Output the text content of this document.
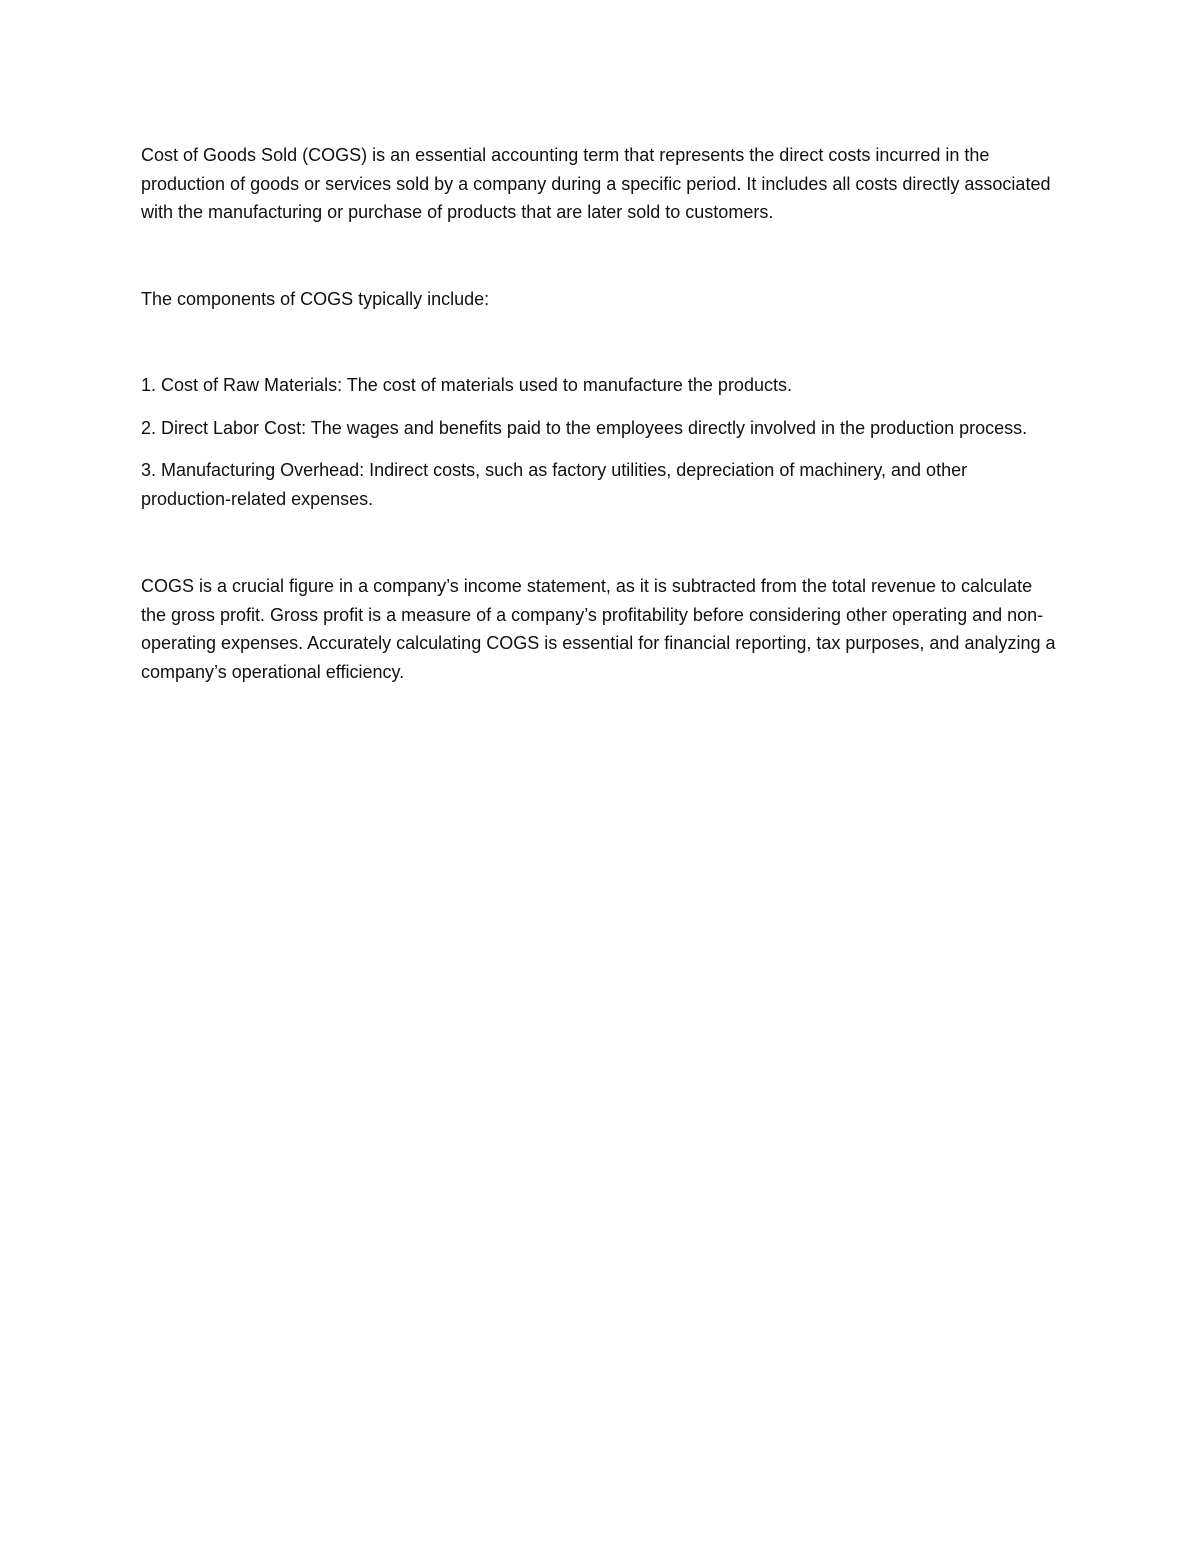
Cost of Goods Sold (COGS) is an essential accounting term that represents the direct costs incurred in the production of goods or services sold by a company during a specific period. It includes all costs directly associated with the manufacturing or purchase of products that are later sold to customers.

The components of COGS typically include:

1. Cost of Raw Materials: The cost of materials used to manufacture the products.

2. Direct Labor Cost: The wages and benefits paid to the employees directly involved in the production process.

3. Manufacturing Overhead: Indirect costs, such as factory utilities, depreciation of machinery, and other production-related expenses.

COGS is a crucial figure in a company’s income statement, as it is subtracted from the total revenue to calculate the gross profit. Gross profit is a measure of a company’s profitability before considering other operating and non-operating expenses. Accurately calculating COGS is essential for financial reporting, tax purposes, and analyzing a company’s operational efficiency.
